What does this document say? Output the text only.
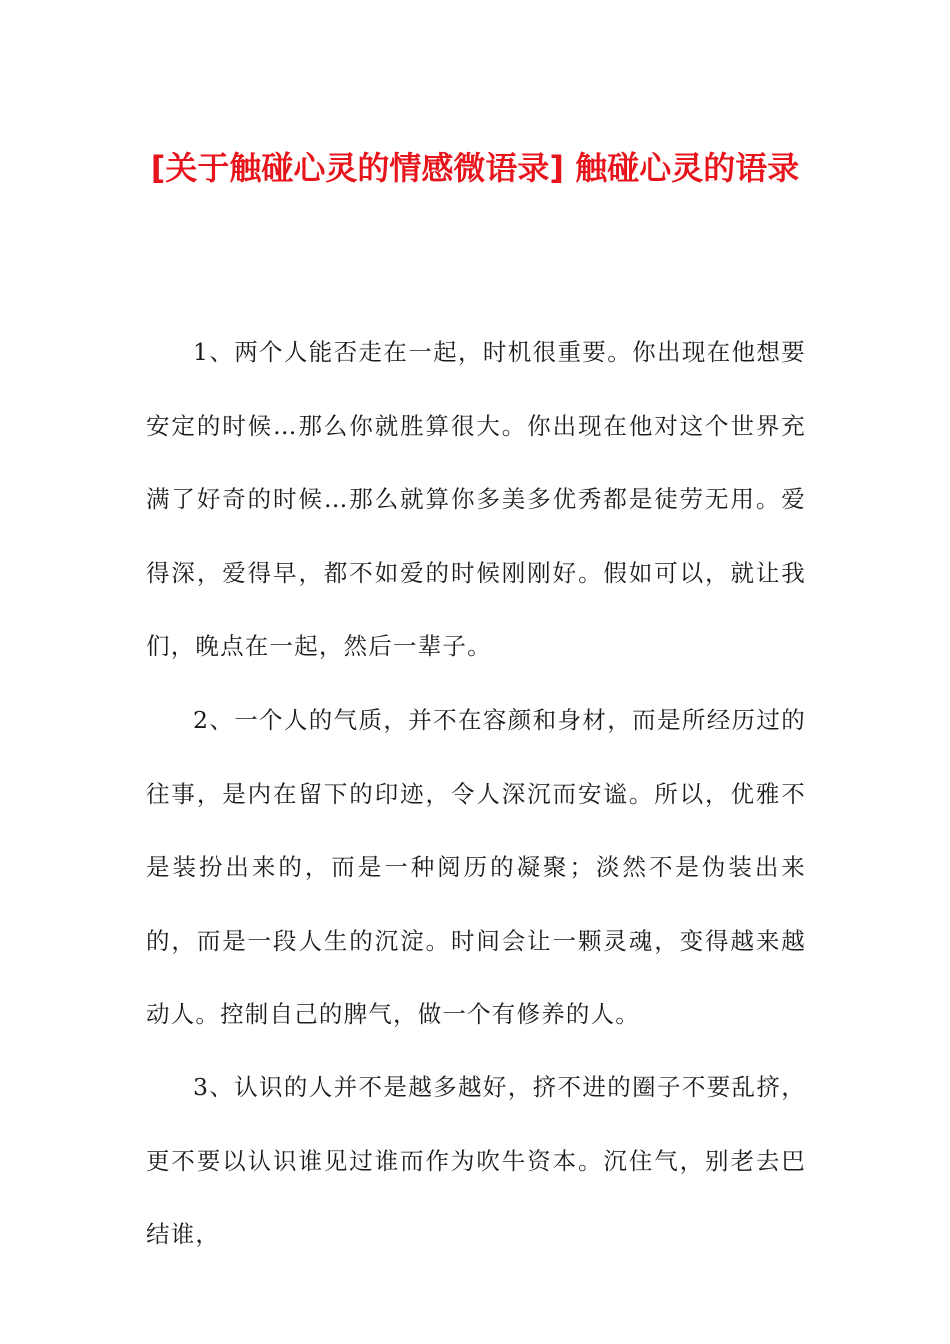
[关于触碰心灵的情感微语录] 触碰心灵的语录

1、两个人能否走在一起，时机很重要。你出现在他想要安定的时候…那么你就胜算很大。你出现在他对这个世界充满了好奇的时候…那么就算你多美多优秀都是徒劳无用。爱得深，爱得早，都不如爱的时候刚刚好。假如可以，就让我们，晚点在一起，然后一辈子。

2、一个人的气质，并不在容颜和身材，而是所经历过的往事，是内在留下的印迹，令人深沉而安谧。所以，优雅不是装扮出来的，而是一种阅历的凝聚；淡然不是伪装出来的，而是一段人生的沉淀。时间会让一颗灵魂，变得越来越动人。控制自己的脾气，做一个有修养的人。

3、认识的人并不是越多越好，挤不进的圈子不要乱挤，更不要以认识谁见过谁而作为吹牛资本。沉住气，别老去巴结谁，
